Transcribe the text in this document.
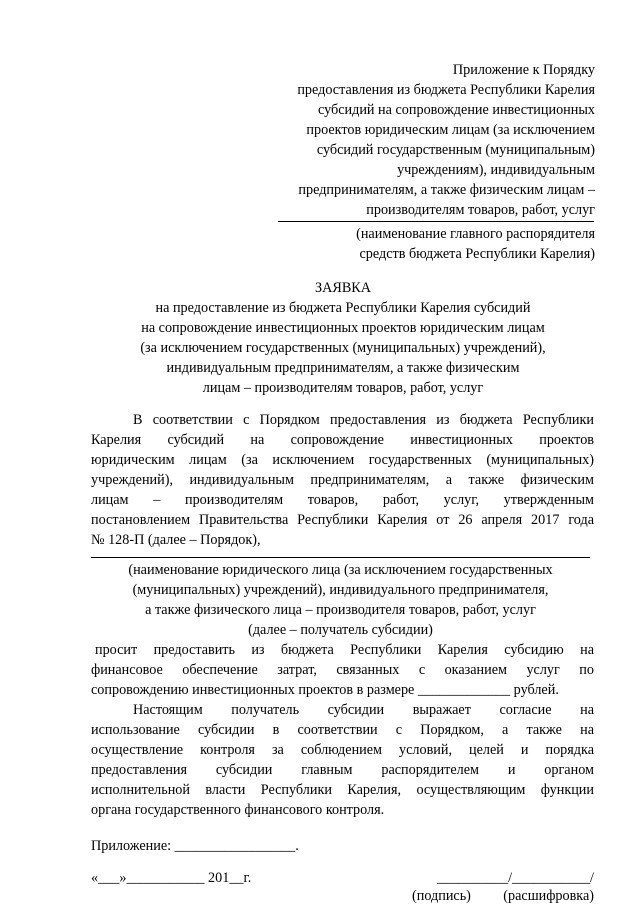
Приложение к Порядку
предоставления из бюджета Республики Карелия
субсидий на сопровождение инвестиционных
проектов юридическим лицам (за исключением
субсидий государственным (муниципальным)
учреждениям), индивидуальным
предпринимателям, а также физическим лицам –
производителям товаров, работ, услуг
(наименование главного распорядителя
средств бюджета Республики Карелия)
ЗАЯВКА
на предоставление из бюджета Республики Карелия субсидий
на сопровождение инвестиционных проектов юридическим лицам
(за исключением государственных (муниципальных) учреждений),
индивидуальным предпринимателям, а также физическим
лицам – производителям товаров, работ, услуг
В соответствии с Порядком предоставления из бюджета Республики
Карелия субсидий на сопровождение инвестиционных проектов
юридическим лицам (за исключением государственных (муниципальных)
учреждений), индивидуальным предпринимателям, а также физическим
лицам – производителям товаров, работ, услуг, утвержденным
постановлением Правительства Республики Карелия от 26 апреля 2017 года
№ 128-П (далее – Порядок),
(наименование юридического лица (за исключением государственных
(муниципальных) учреждений), индивидуального предпринимателя,
а также физического лица – производителя товаров, работ, услуг
(далее – получатель субсидии)
просит предоставить из бюджета Республики Карелия субсидию на
финансовое обеспечение затрат, связанных с оказанием услуг по
сопровождению инвестиционных проектов в размере _____________ рублей.
Настоящим получатель субсидии выражает согласие на
использование субсидии в соответствии с Порядком, а также на
осуществление контроля за соблюдением условий, целей и порядка
предоставления субсидии главным распорядителем и органом
исполнительной власти Республики Карелия, осуществляющим функции
органа государственного финансового контроля.
Приложение: _________________.
«___»___________ 201__г.	__________/___________/
(подпись) (расшифровка)
